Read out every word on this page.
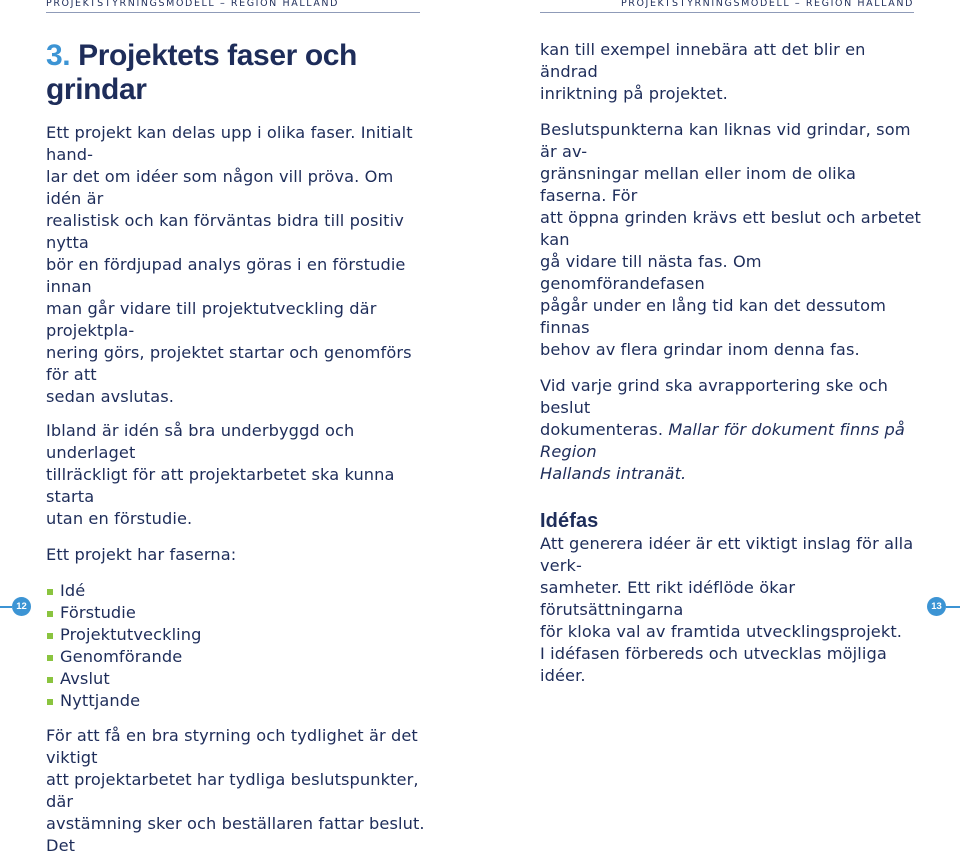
PROJEKTSTYRNINGSMODELL – REGION HALLAND	PROJEKTSTYRNINGSMODELL – REGION HALLAND
3. Projektets faser och grindar

Ett projekt kan delas upp i olika faser. Initialt hand-
lar det om idéer som någon vill pröva. Om idén är
realistisk och kan förväntas bidra till positiv nytta
bör en fördjupad analys göras i en förstudie innan
man går vidare till projektutveckling där projektpla-
nering görs, projektet startar och genomförs för att
sedan avslutas.

Ibland är idén så bra underbyggd och underlaget
tillräckligt för att projektarbetet ska kunna starta
utan en förstudie.

Ett projekt har faserna:

Idé
Förstudie
Projektutveckling
Genomförande
Avslut
Nyttjande

För att få en bra styrning och tydlighet är det viktigt
att projektarbetet har tydliga beslutspunkter, där
avstämning sker och beställaren fattar beslut. Det

kan till exempel innebära att det blir en ändrad
inriktning på projektet.

Beslutspunkterna kan liknas vid grindar, som är av-
gränsningar mellan eller inom de olika faserna. För
att öppna grinden krävs ett beslut och arbetet kan
gå vidare till nästa fas. Om genomförandefasen
pågår under en lång tid kan det dessutom finnas
behov av flera grindar inom denna fas.

Vid varje grind ska avrapportering ske och beslut
dokumenteras. Mallar för dokument finns på Region
Hallands intranät.

Idéfas

Att generera idéer är ett viktigt inslag för alla verk-
samheter. Ett rikt idéflöde ökar förutsättningarna
för kloka val av framtida utvecklingsprojekt.
I idéfasen förbereds och utvecklas möjliga idéer.

12	13
